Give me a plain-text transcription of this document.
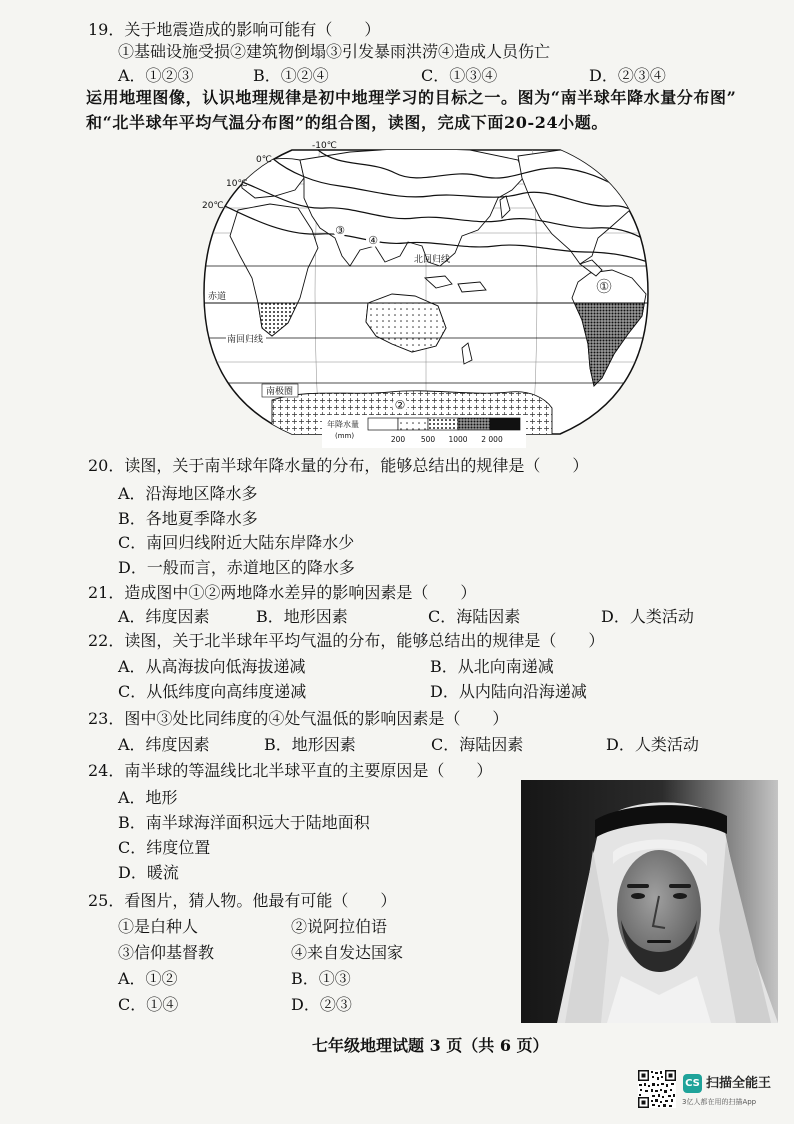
19．关于地震造成的影响可能有（　　）
①基础设施受损②建筑物倒塌③引发暴雨洪涝④造成人员伤亡
A．①②③	B．①②④	C．①③④	D．②③④
运用地理图像，认识地理规律是初中地理学习的目标之一。图为“南半球年降水量分布图”
和“北半球年平均气温分布图”的组合图，读图，完成下面20-24小题。
-10℃
0℃
10℃
20℃
北回归线
赤道
南回归线
南极圈
①
②
③
④
年降水量
(mm)	200 500 1000 2 000
20．读图，关于南半球年降水量的分布，能够总结出的规律是（　　）
A．沿海地区降水多
B．各地夏季降水多
C．南回归线附近大陆东岸降水少
D．一般而言，赤道地区的降水多
21．造成图中①②两地降水差异的影响因素是（　　）
A．纬度因素	B．地形因素	C．海陆因素	D．人类活动
22．读图，关于北半球年平均气温的分布，能够总结出的规律是（　　）
A．从高海拔向低海拔递减	B．从北向南递减
C．从低纬度向高纬度递减	D．从内陆向沿海递减
23．图中③处比同纬度的④处气温低的影响因素是（　　）
A．纬度因素	B．地形因素	C．海陆因素	D．人类活动
24．南半球的等温线比北半球平直的主要原因是（　　）
A．地形
B．南半球海洋面积远大于陆地面积
C．纬度位置
D．暖流
25．看图片，猜人物。他最有可能（　　）
①是白种人	②说阿拉伯语
③信仰基督教	④来自发达国家
A．①②	B．①③
C．①④	D．②③
七年级地理试题 3 页（共 6 页）
CS 扫描全能王
3亿人都在用的扫描App
